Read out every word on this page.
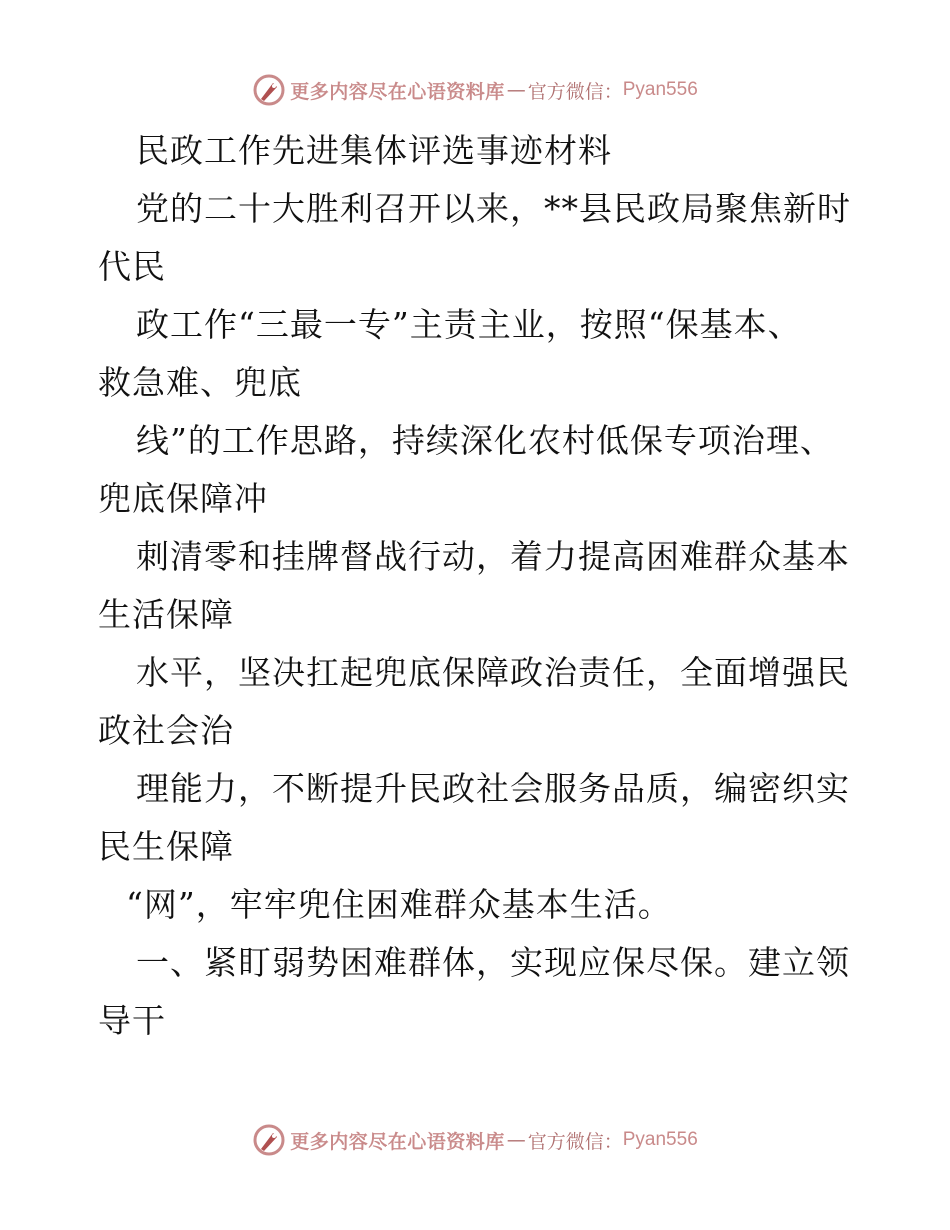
更多内容尽在心语资料库 — 官方微信： Pyan556
民政工作先进集体评选事迹材料
党的二十大胜利召开以来，**县民政局聚焦新时
代民
政工作“三最一专”主责主业，按照“保基本、
救急难、兜底
线”的工作思路，持续深化农村低保专项治理、
兜底保障冲
刺清零和挂牌督战行动，着力提高困难群众基本
生活保障
水平，坚决扛起兜底保障政治责任，全面增强民
政社会治
理能力，不断提升民政社会服务品质，编密织实
民生保障
“网”，牢牢兜住困难群众基本生活。
一、紧盯弱势困难群体，实现应保尽保。建立领
导干
更多内容尽在心语资料库 — 官方微信： Pyan556
